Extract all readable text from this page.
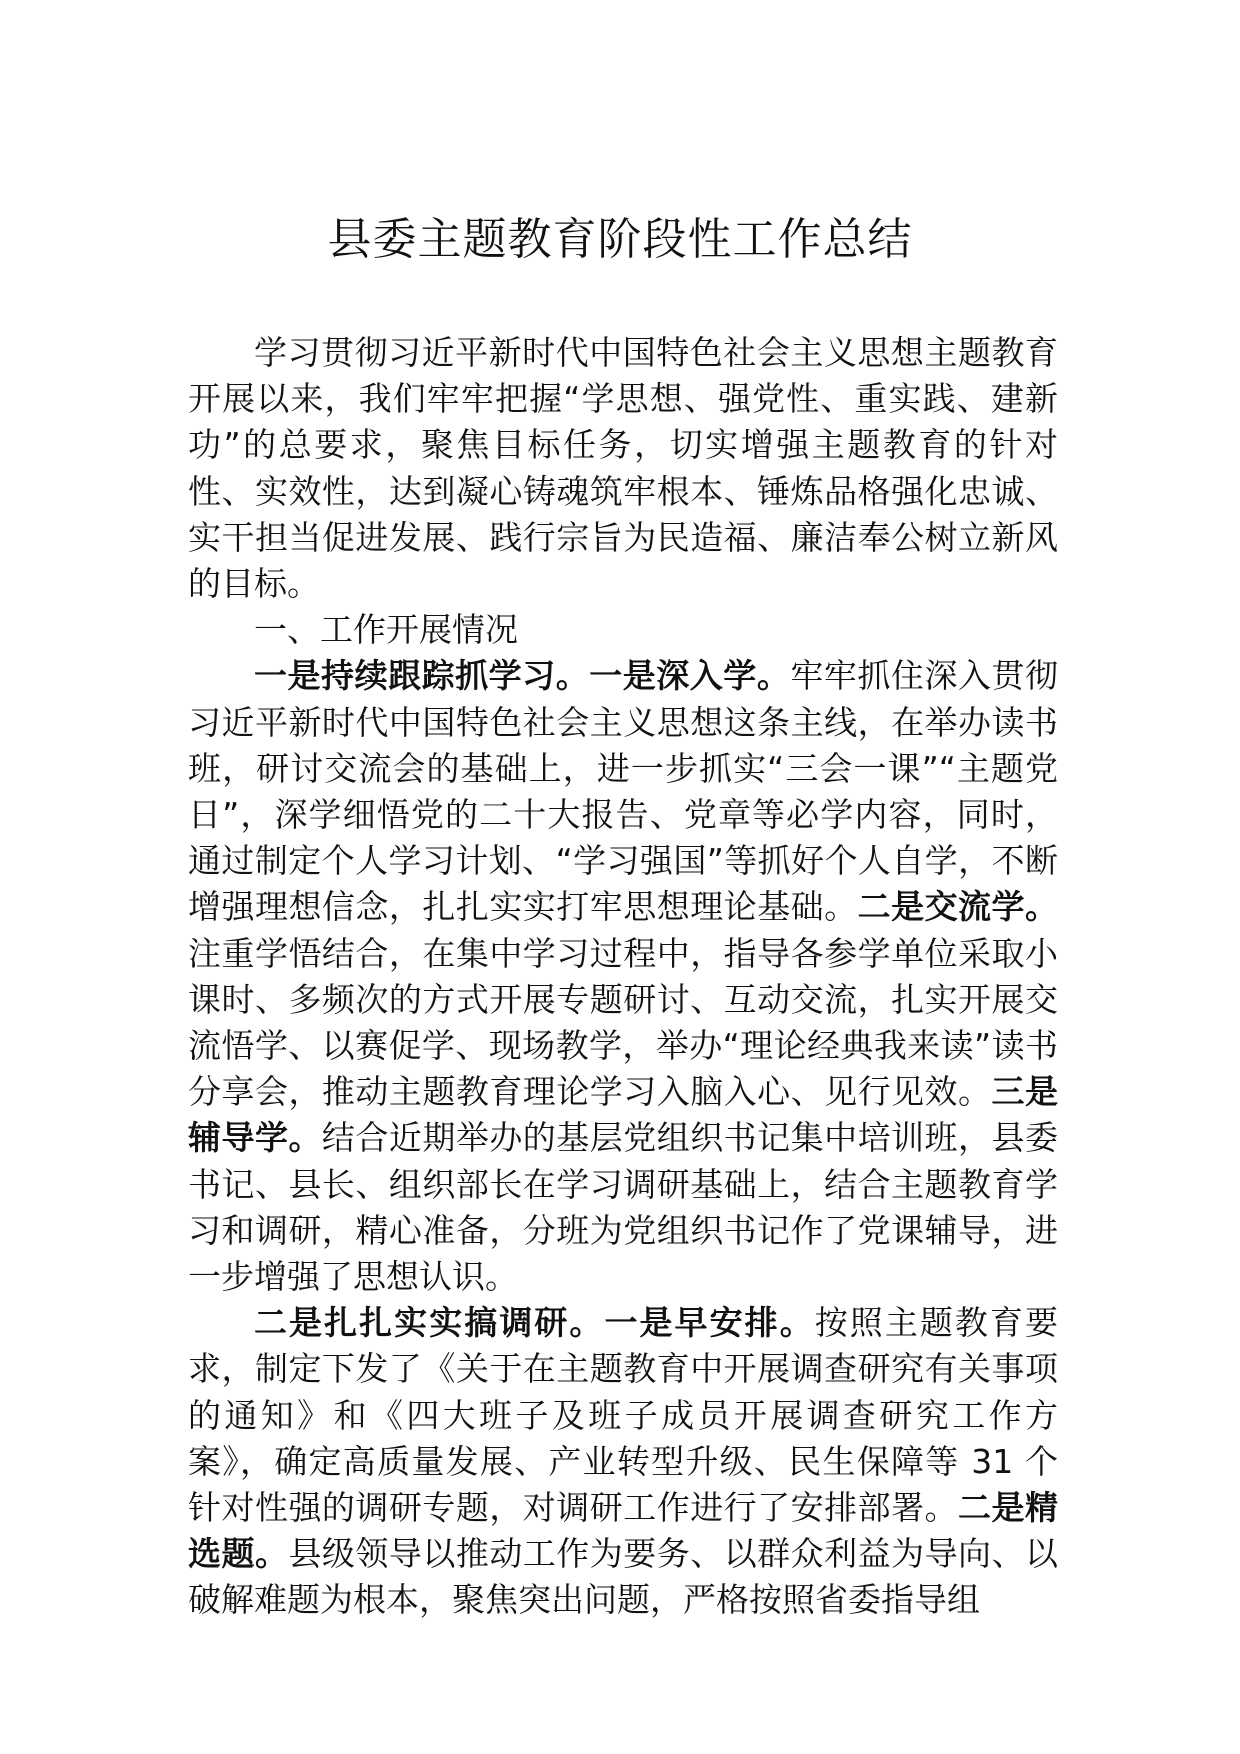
县委主题教育阶段性工作总结

学习贯彻习近平新时代中国特色社会主义思想主题教育开展以来，我们牢牢把握“学思想、强党性、重实践、建新功”的总要求，聚焦目标任务，切实增强主题教育的针对性、实效性，达到凝心铸魂筑牢根本、锤炼品格强化忠诚、实干担当促进发展、践行宗旨为民造福、廉洁奉公树立新风的目标。

一、工作开展情况

一是持续跟踪抓学习。一是深入学。牢牢抓住深入贯彻习近平新时代中国特色社会主义思想这条主线，在举办读书班，研讨交流会的基础上，进一步抓实“三会一课”“主题党日”，深学细悟党的二十大报告、党章等必学内容，同时，通过制定个人学习计划、“学习强国”等抓好个人自学，不断增强理想信念，扎扎实实打牢思想理论基础。二是交流学。注重学悟结合，在集中学习过程中，指导各参学单位采取小课时、多频次的方式开展专题研讨、互动交流，扎实开展交流悟学、以赛促学、现场教学，举办“理论经典我来读”读书分享会，推动主题教育理论学习入脑入心、见行见效。三是辅导学。结合近期举办的基层党组织书记集中培训班，县委书记、县长、组织部长在学习调研基础上，结合主题教育学习和调研，精心准备，分班为党组织书记作了党课辅导，进一步增强了思想认识。

二是扎扎实实搞调研。一是早安排。按照主题教育要求，制定下发了《关于在主题教育中开展调查研究有关事项的通知》和《四大班子及班子成员开展调查研究工作方案》，确定高质量发展、产业转型升级、民生保障等 31 个针对性强的调研专题，对调研工作进行了安排部署。二是精选题。县级领导以推动工作为要务、以群众利益为导向、以破解难题为根本，聚焦突出问题，严格按照省委指导组
